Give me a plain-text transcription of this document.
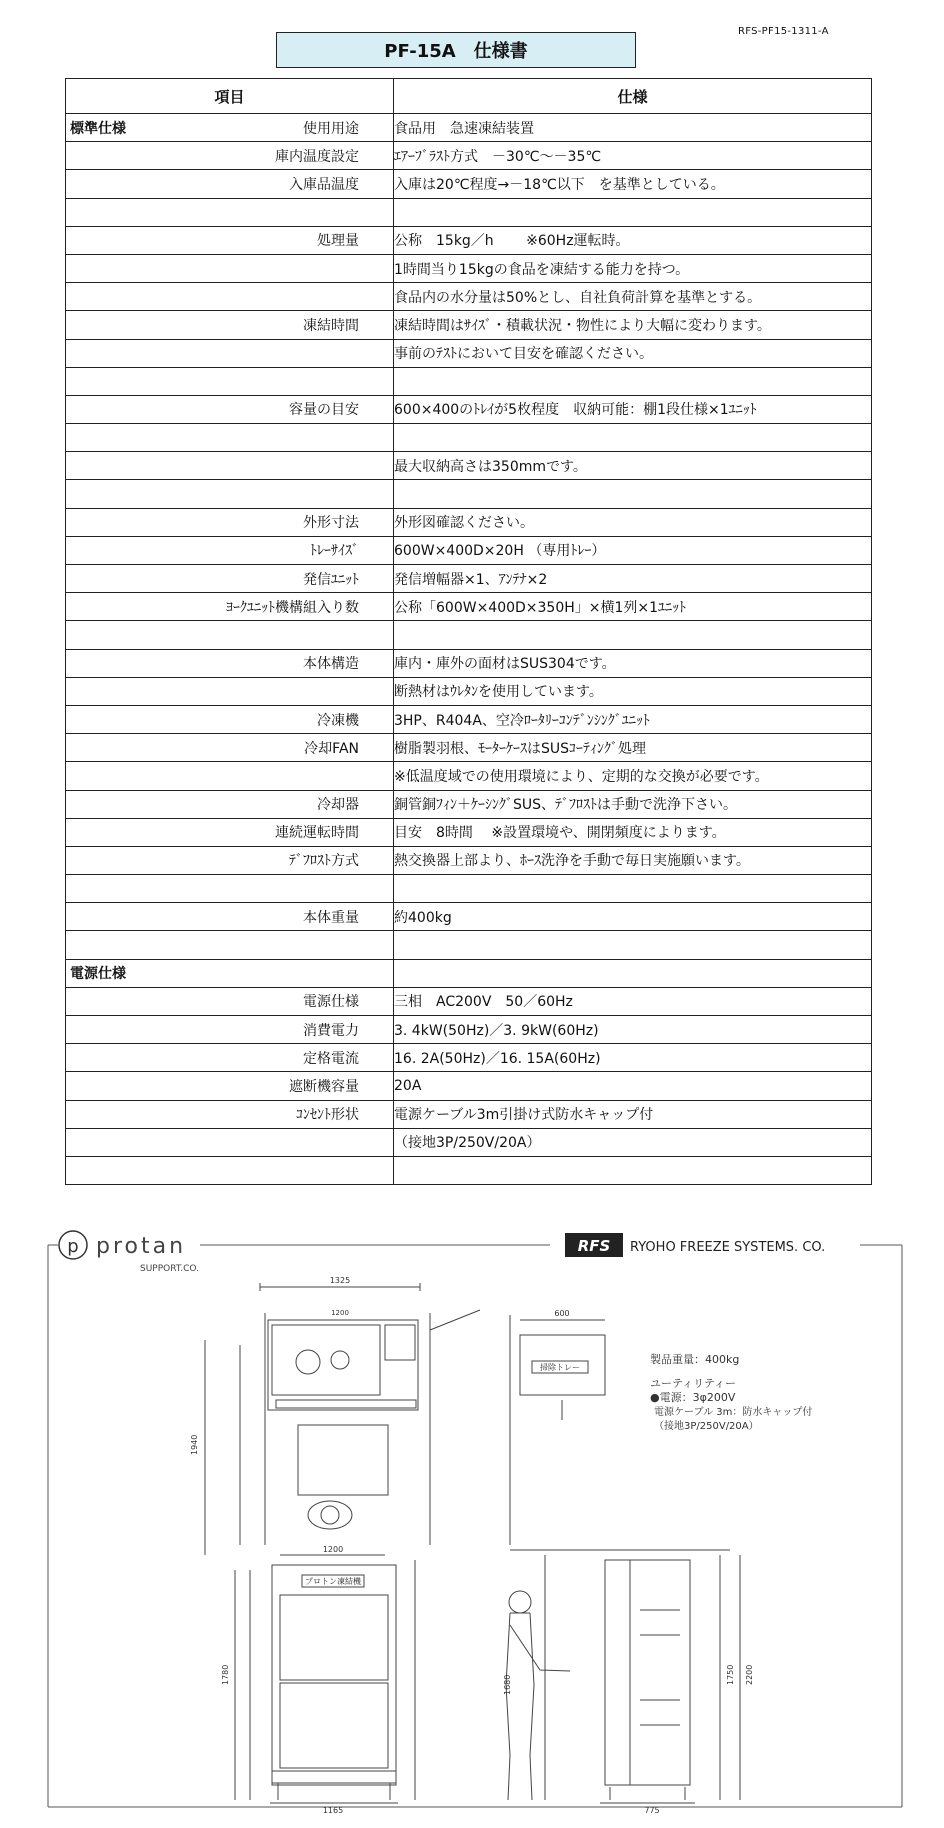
RFS-PF15-1311-A
PF-15A　仕様書
項目	仕様

標準仕様 使用用途	食品用　急速凍結装置

庫内温度設定	ｴｱｰﾌﾞﾗｽﾄ方式　－30℃～－35℃

入庫品温度	入庫は20℃程度→－18℃以下　を基準としている。

処理量	公称　15kg／h　　 ※60Hz運転時。

	1時間当り15kgの食品を凍結する能力を持つ。

	食品内の水分量は50%とし、自社負荷計算を基準とする。

凍結時間	凍結時間はｻｲｽﾞ・積載状況・物性により大幅に変わります。

	事前のﾃｽﾄにおいて目安を確認ください。

容量の目安	600×400のﾄﾚｲが5枚程度　収納可能：棚1段仕様×1ﾕﾆｯﾄ

	最大収納高さは350mmです。

外形寸法	外形図確認ください。

ﾄﾚｰｻｲｽﾞ	600W×400D×20H （専用ﾄﾚｰ）

発信ﾕﾆｯﾄ	発信増幅器×1、ｱﾝﾃﾅ×2

ﾖｰｸﾕﾆｯﾄ機構組入り数	公称「600W×400D×350H」×横1列×1ﾕﾆｯﾄ

本体構造	庫内・庫外の面材はSUS304です。

	断熱材はｳﾚﾀﾝを使用しています。

冷凍機	3HP、R404A、空冷ﾛｰﾀﾘｰｺﾝﾃﾞﾝｼﾝｸﾞﾕﾆｯﾄ

冷却FAN	樹脂製羽根、ﾓｰﾀｰｹｰｽはSUSｺｰﾃｨﾝｸﾞ処理

	※低温度域での使用環境により、定期的な交換が必要です。

冷却器	銅管銅ﾌｨﾝ＋ｹｰｼﾝｸﾞSUS、ﾃﾞﾌﾛｽﾄは手動で洗浄下さい。

連続運転時間	目安　8時間　 ※設置環境や、開閉頻度によります。

ﾃﾞﾌﾛｽﾄ方式	熱交換器上部より、ﾎｰｽ洗浄を手動で毎日実施願います。

本体重量	約400kg

電源仕様	

電源仕様	三相　AC200V　50／60Hz

消費電力	3. 4kW(50Hz)／3. 9kW(60Hz)

定格電流	16. 2A(50Hz)／16. 15A(60Hz)

遮断機容量	20A

ｺﾝｾﾝﾄ形状	電源ケーブル3m引掛け式防水キャップ付

	（接地3P/250V/20A）

p protan
SUPPORT.CO.
RFS RYOHO FREEZE SYSTEMS. CO.
1325
1200
1940
600
掃除トレー
製品重量：400kg
ユーティリティー
●電源：3φ200V
電源ケーブル 3m：防水キャップ付
（接地3P/250V/20A）
プロトン凍結機
1200
1165
1780	1680
775
1750 2200
